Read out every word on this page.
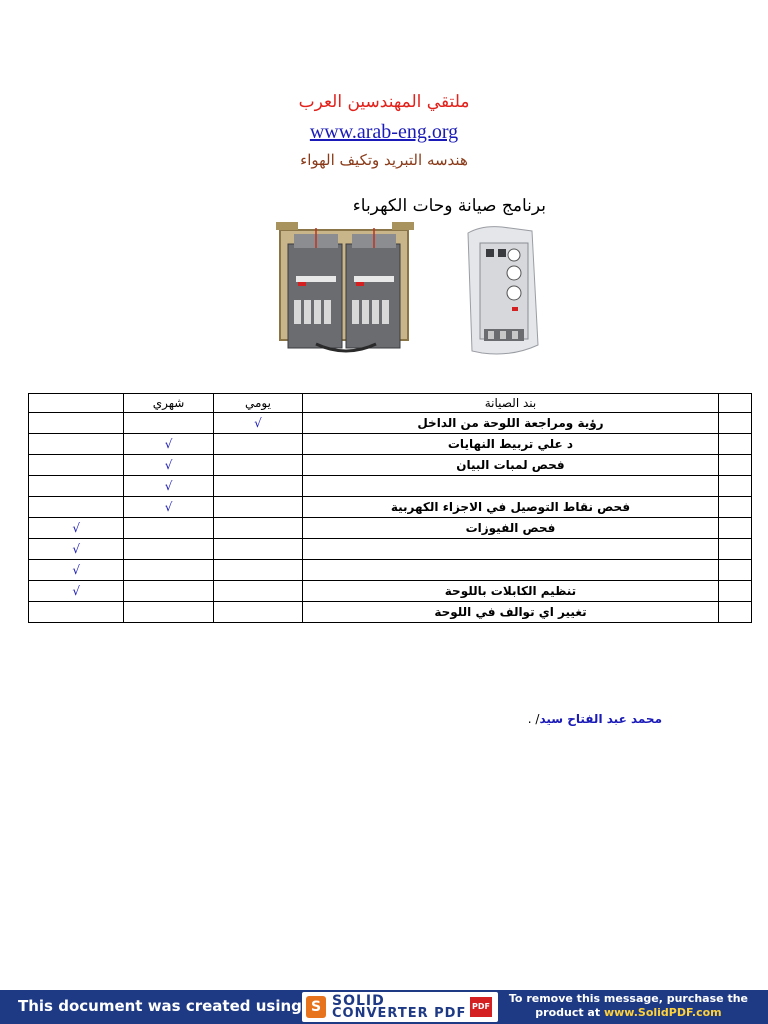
ملتقي المهندسين العرب
www.arab-eng.org
هندسه التبريد وتكيف الهواء
برنامج صيانة وحات الكهرباء
	شهري	يومي	بند الصيانة	
		√	رؤية ومراجعة اللوحة من الداخل	
	√		د علي تربيط النهايات	
	√		فحص لمبات البيان	
	√			
	√		فحص نقاط التوصيل في الاجزاء الكهربية	
√			فحص الفيوزات	
√				
√				
√			تنظيم الكابلات باللوحة	
			تغيير اي توالف في اللوحة	
محمد عبد الفتاح سيد/ .
This document was created using S SOLID
CONVERTER PDF PDF
To remove this message, purchase the
product at www.SolidPDF.com
